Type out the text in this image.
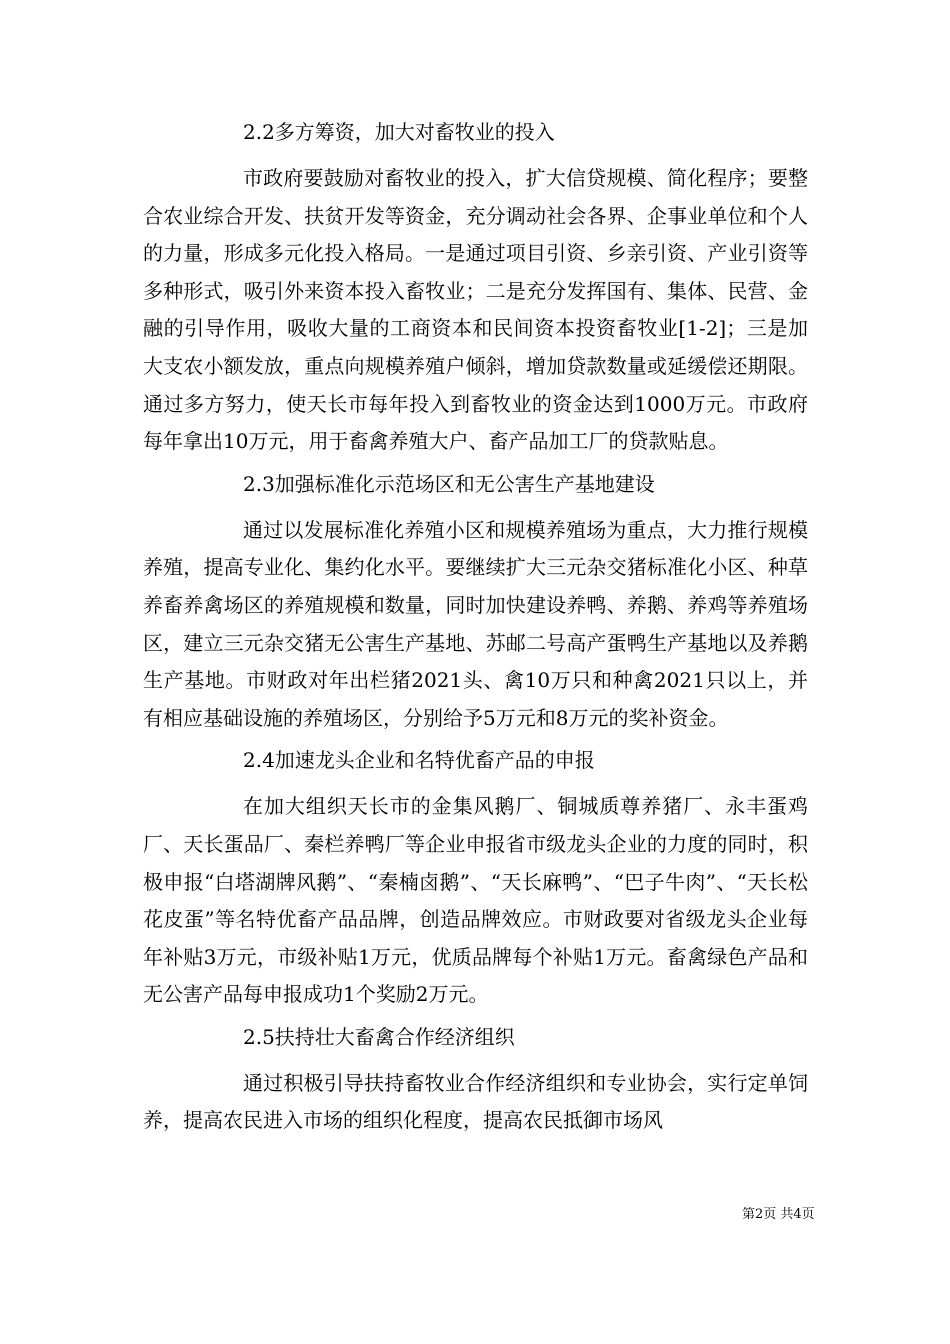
2.2多方筹资，加大对畜牧业的投入

市政府要鼓励对畜牧业的投入，扩大信贷规模、简化程序；要整合农业综合开发、扶贫开发等资金，充分调动社会各界、企事业单位和个人的力量，形成多元化投入格局。一是通过项目引资、乡亲引资、产业引资等多种形式，吸引外来资本投入畜牧业；二是充分发挥国有、集体、民营、金融的引导作用，吸收大量的工商资本和民间资本投资畜牧业[1-2]；三是加大支农小额发放，重点向规模养殖户倾斜，增加贷款数量或延缓偿还期限。通过多方努力，使天长市每年投入到畜牧业的资金达到1000万元。市政府每年拿出10万元，用于畜禽养殖大户、畜产品加工厂的贷款贴息。

2.3加强标准化示范场区和无公害生产基地建设

通过以发展标准化养殖小区和规模养殖场为重点，大力推行规模养殖，提高专业化、集约化水平。要继续扩大三元杂交猪标准化小区、种草养畜养禽场区的养殖规模和数量，同时加快建设养鸭、养鹅、养鸡等养殖场区，建立三元杂交猪无公害生产基地、苏邮二号高产蛋鸭生产基地以及养鹅生产基地。市财政对年出栏猪2021头、禽10万只和种禽2021只以上，并有相应基础设施的养殖场区，分别给予5万元和8万元的奖补资金。

2.4加速龙头企业和名特优畜产品的申报

在加大组织天长市的金集风鹅厂、铜城质尊养猪厂、永丰蛋鸡厂、天长蛋品厂、秦栏养鸭厂等企业申报省市级龙头企业的力度的同时，积极申报“白塔湖牌风鹅”、“秦楠卤鹅”、“天长麻鸭”、“巴子牛肉”、“天长松花皮蛋”等名特优畜产品品牌，创造品牌效应。市财政要对省级龙头企业每年补贴3万元，市级补贴1万元，优质品牌每个补贴1万元。畜禽绿色产品和无公害产品每申报成功1个奖励2万元。

2.5扶持壮大畜禽合作经济组织

通过积极引导扶持畜牧业合作经济组织和专业协会，实行定单饲养，提高农民进入市场的组织化程度，提高农民抵御市场风

第2页 共4页
